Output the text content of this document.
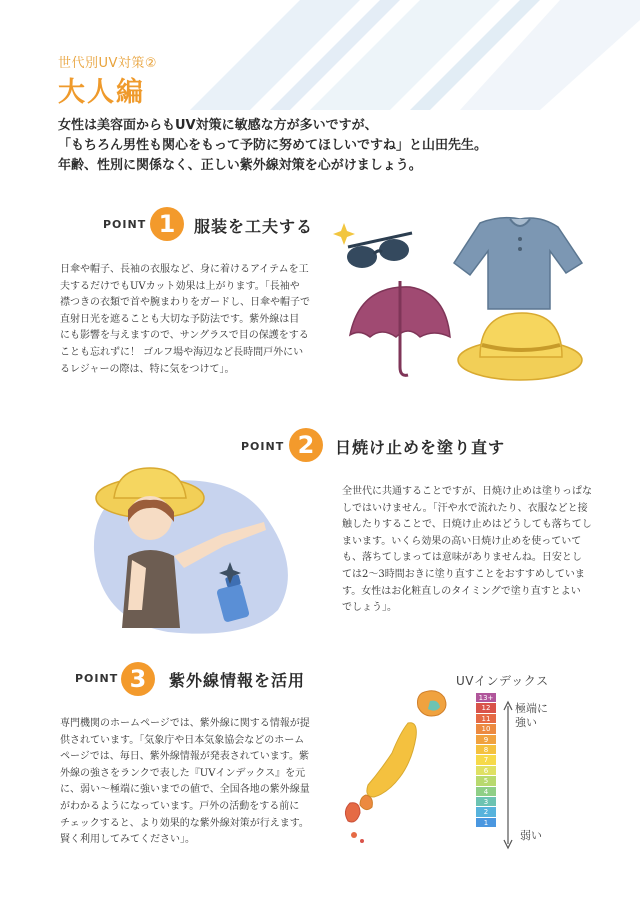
世代別UV対策②
大人編
女性は美容面からもUV対策に敏感な方が多いですが、
「もちろん男性も関心をもって予防に努めてほしいですね」と山田先生。
年齢、性別に関係なく、正しい紫外線対策を心がけましょう。
POINT 1	服装を工夫する
日傘や帽子、長袖の衣服など、身に着けるアイテムを工
夫するだけでもUVカット効果は上がります。「長袖や
襟つきの衣類で首や腕まわりをガードし、日傘や帽子で
直射日光を遮ることも大切な予防法です。紫外線は目
にも影響を与えますので、サングラスで目の保護をする
ことも忘れずに！ ゴルフ場や海辺など長時間戸外にい
るレジャーの際は、特に気をつけて」。
POINT 2	日焼け止めを塗り直す
全世代に共通することですが、日焼け止めは塗りっぱな
しではいけません。「汗や水で流れたり、衣服などと接
触したりすることで、日焼け止めはどうしても落ちてし
まいます。いくら効果の高い日焼け止めを使っていて
も、落ちてしまっては意味がありませんね。日安とし
ては2〜3時間おきに塗り直すことをおすすめしていま
す。女性はお化粧直しのタイミングで塗り直すとよい
でしょう」。
POINT 3	紫外線情報を活用
専門機関のホームページでは、紫外線に関する情報が提
供されています。「気象庁や日本気象協会などのホーム
ページでは、毎日、紫外線情報が発表されています。紫
外線の強さをランクで表した『UVインデックス』を元
に、弱い〜極端に強いまでの値で、全国各地の紫外線量
がわかるようになっています。戸外の活動をする前に
チェックすると、より効果的な紫外線対策が行えます。
賢く利用してみてください」。
UVインデックス
13+
12
11
10
9
8
7
6
5
4
3
2
1
極端に強い
弱い
